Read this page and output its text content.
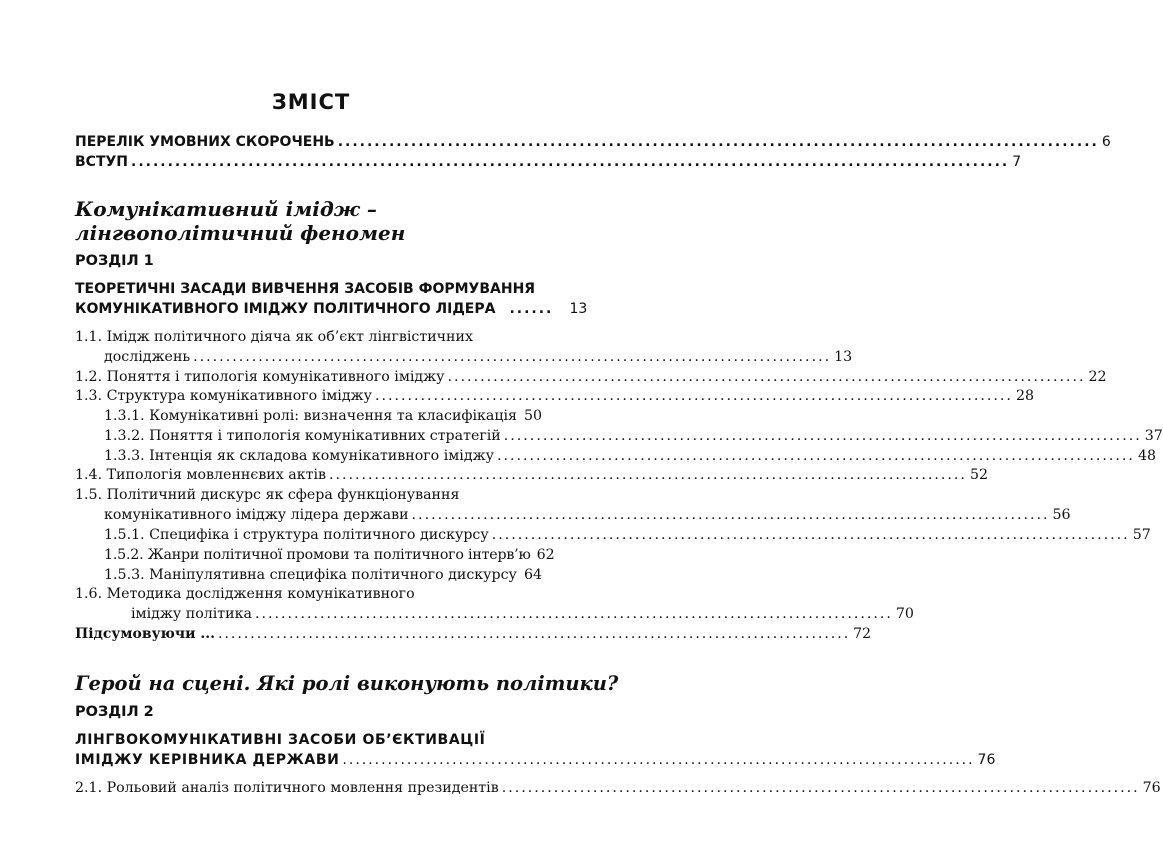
ЗМІСТ
ПЕРЕЛІК УМОВНИХ СКОРОЧЕНЬ ........................................................................................................ 6
ВСТУП ........................................................................................................................ 7
Комунікативний імідж –
лінгвополітичний феномен
РОЗДІЛ 1
ТЕОРЕТИЧНІ ЗАСАДИ ВИВЧЕННЯ ЗАСОБІВ ФОРМУВАННЯ
КОМУНІКАТИВНОГО ІМІДЖУ ПОЛІТИЧНОГО ЛІДЕРА ...... 13
1.1. Імідж політичного діяча як об’єкт лінгвістичних
досліджень .................................................................................................. 13
1.2. Поняття і типологія комунікативного іміджу .................................................................................................. 22
1.3. Структура комунікативного іміджу .................................................................................................. 28
1.3.1. Комунікативні ролі: визначення та класифікація 50
1.3.2. Поняття і типологія комунікативних стратегій .................................................................................................. 37
1.3.3. Інтенція як складова комунікативного іміджу .................................................................................................. 48
1.4. Типологія мовленнєвих актів .................................................................................................. 52
1.5. Політичний дискурс як сфера функціонування
комунікативного іміджу лідера держави .................................................................................................. 56
1.5.1. Специфіка і структура політичного дискурсу .................................................................................................. 57
1.5.2. Жанри політичної промови та політичного інтерв’ю 62
1.5.3. Маніпулятивна специфіка політичного дискурсу 64
1.6. Методика дослідження комунікативного
іміджу політика .................................................................................................. 70
Підсумовуючи ... .................................................................................................. 72
Герой на сцені. Які ролі виконують політики?
РОЗДІЛ 2
ЛІНГВОКОМУНІКАТИВНІ ЗАСОБИ ОБ’ЄКТИВАЦІЇ
ІМІДЖУ КЕРІВНИКА ДЕРЖАВИ .................................................................................................. 76
2.1. Рольовий аналіз політичного мовлення президентів .................................................................................................. 76
